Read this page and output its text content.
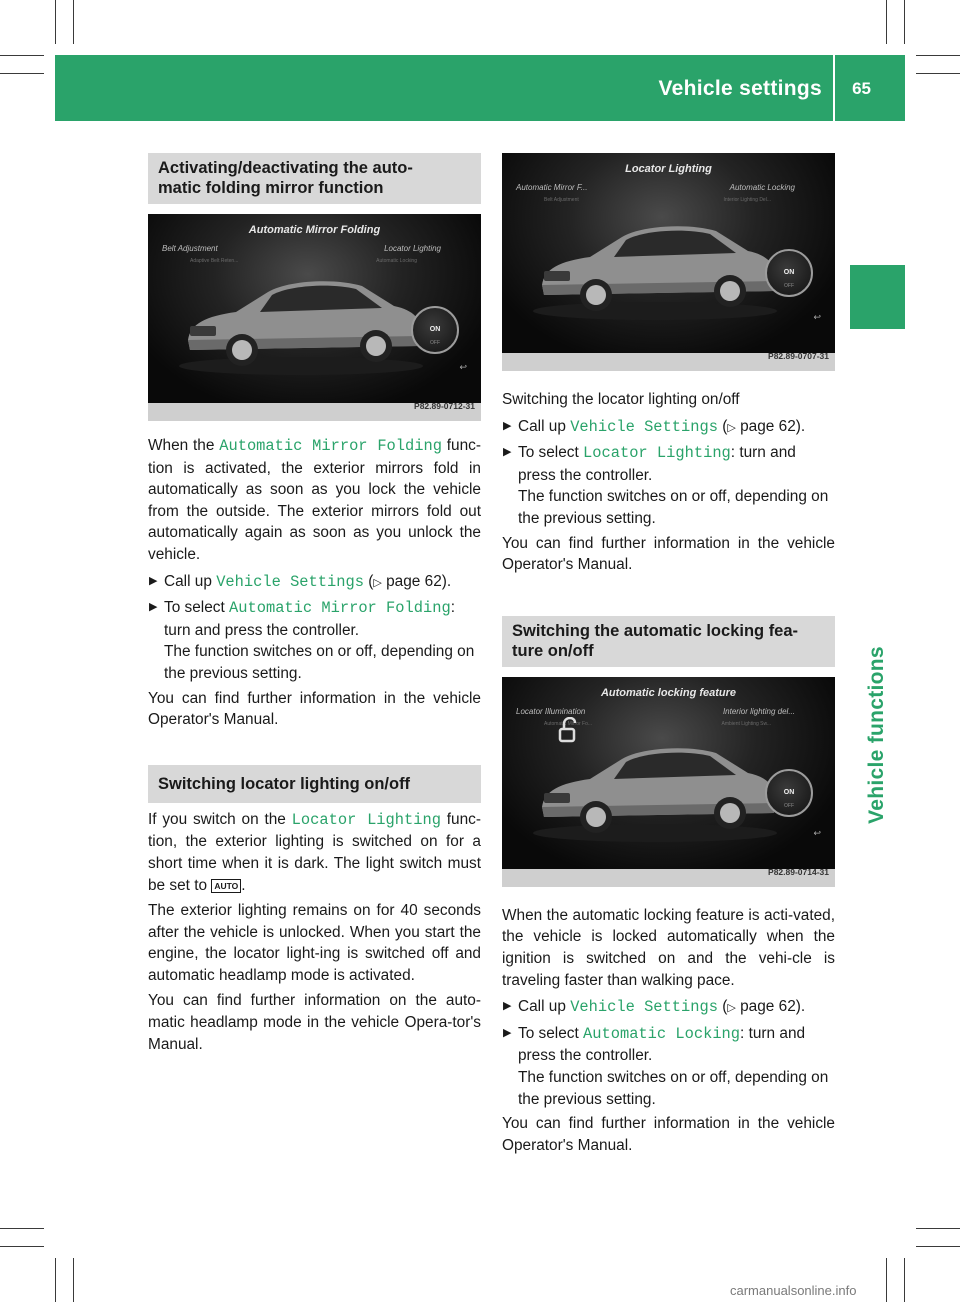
Vehicle settings 65
Vehicle functions
Activating/deactivating the auto-
matic folding mirror function
Automatic Mirror Folding
Belt Adjustment	Locator Lighting
Adaptive Belt Reten...	Automatic Locking
ON
OFF
↩
P82.89-0712-31

When the Automatic Mirror Folding func-tion is activated, the exterior mirrors fold in automatically as soon as you lock the vehicle from the outside. The exterior mirrors fold out automatically again as soon as you unlock the vehicle.

▶ Call up Vehicle Settings (▷ page 62).
▶ To select Automatic Mirror Folding:
turn and press the controller.
The function switches on or off, depending on the previous setting.

You can find further information in the vehicle Operator's Manual.

Switching locator lighting on/off

If you switch on the Locator Lighting func-tion, the exterior lighting is switched on for a short time when it is dark. The light switch must be set to AUTO .

The exterior lighting remains on for 40 seconds after the vehicle is unlocked. When you start the engine, the locator light-ing is switched off and automatic headlamp mode is activated.

You can find further information on the auto-matic headlamp mode in the vehicle Opera-tor's Manual.

Locator Lighting
Automatic Mirror F...	Automatic Locking
Belt Adjustment	Interior Lighting Del...
ON
OFF
↩
P82.89-0707-31

Switching the locator lighting on/off

▶ Call up Vehicle Settings (▷ page 62).
▶ To select Locator Lighting: turn and
press the controller.
The function switches on or off, depending on the previous setting.

You can find further information in the vehicle Operator's Manual.

Switching the automatic locking fea-
ture on/off
Automatic locking feature
Locator Illumination	Interior lighting del...
Automatic Mirror Fo...	Ambient Lighting Sw...
ON
OFF
↩
P82.89-0714-31

When the automatic locking feature is acti-vated, the vehicle is locked automatically when the ignition is switched on and the vehi-cle is traveling faster than walking pace.

▶ Call up Vehicle Settings (▷ page 62).
▶ To select Automatic Locking: turn and
press the controller.
The function switches on or off, depending on the previous setting.

You can find further information in the vehicle Operator's Manual.

carmanualsonline.info
